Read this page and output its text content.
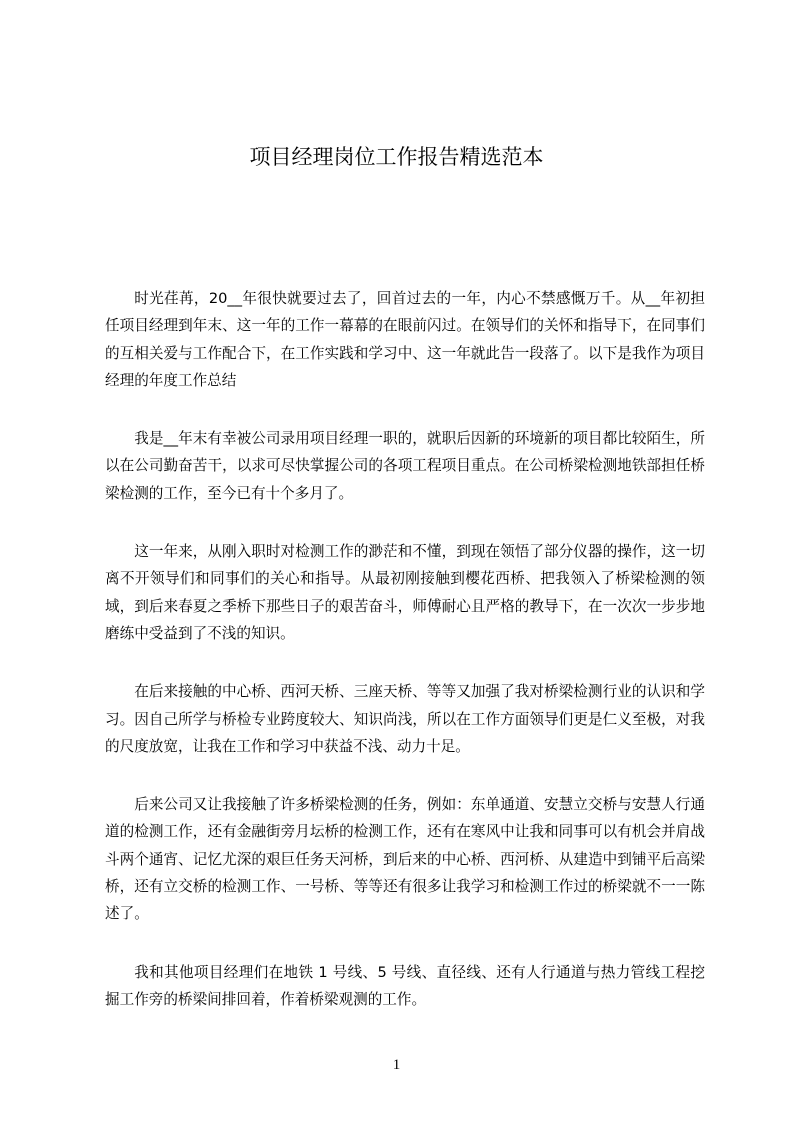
项目经理岗位工作报告精选范本

时光荏苒，20__年很快就要过去了，回首过去的一年，内心不禁感慨万千。从__年初担任项目经理到年末、这一年的工作一幕幕的在眼前闪过。在领导们的关怀和指导下，在同事们的互相关爱与工作配合下，在工作实践和学习中、这一年就此告一段落了。以下是我作为项目经理的年度工作总结

我是__年末有幸被公司录用项目经理一职的，就职后因新的环境新的项目都比较陌生，所以在公司勤奋苦干，以求可尽快掌握公司的各项工程项目重点。在公司桥梁检测地铁部担任桥梁检测的工作，至今已有十个多月了。

这一年来，从刚入职时对检测工作的渺茫和不懂，到现在领悟了部分仪器的操作，这一切离不开领导们和同事们的关心和指导。从最初刚接触到樱花西桥、把我领入了桥梁检测的领域，到后来春夏之季桥下那些日子的艰苦奋斗，师傅耐心且严格的教导下，在一次次一步步地磨练中受益到了不浅的知识。

在后来接触的中心桥、西河天桥、三座天桥、等等又加强了我对桥梁检测行业的认识和学习。因自己所学与桥检专业跨度较大、知识尚浅，所以在工作方面领导们更是仁义至极，对我的尺度放宽，让我在工作和学习中获益不浅、动力十足。

后来公司又让我接触了许多桥梁检测的任务，例如：东单通道、安慧立交桥与安慧人行通道的检测工作，还有金融街旁月坛桥的检测工作，还有在寒风中让我和同事可以有机会并肩战斗两个通宵、记忆尤深的艰巨任务天河桥，到后来的中心桥、西河桥、从建造中到铺平后高梁桥，还有立交桥的检测工作、一号桥、等等还有很多让我学习和检测工作过的桥梁就不一一陈述了。

我和其他项目经理们在地铁 1 号线、5 号线、直径线、还有人行通道与热力管线工程挖掘工作旁的桥梁间排回着，作着桥梁观测的工作。

1
